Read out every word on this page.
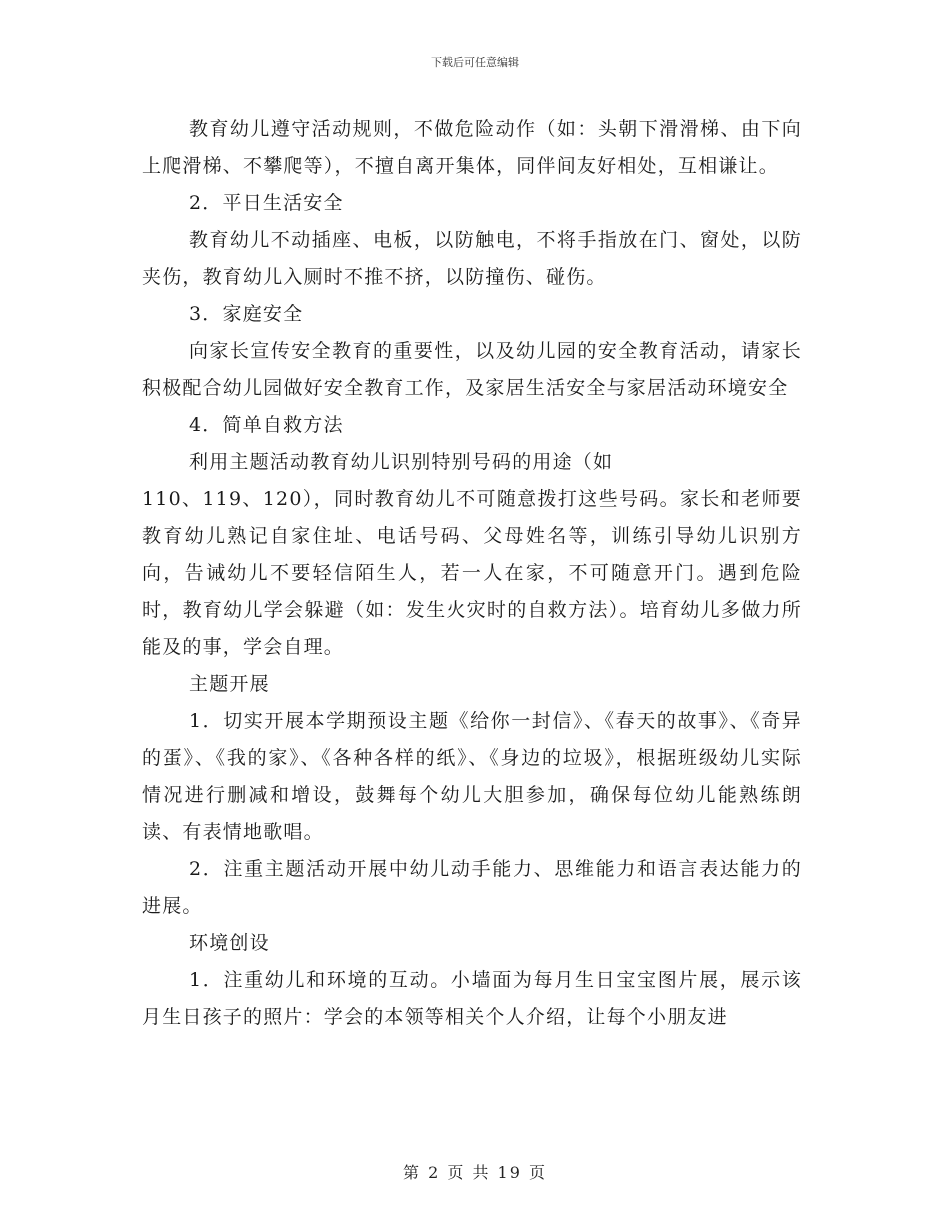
下载后可任意编辑

教育幼儿遵守活动规则，不做危险动作（如：头朝下滑滑梯、由下向上爬滑梯、不攀爬等），不擅自离开集体，同伴间友好相处，互相谦让。

2．平日生活安全

教育幼儿不动插座、电板，以防触电，不将手指放在门、窗处，以防夹伤，教育幼儿入厕时不推不挤，以防撞伤、碰伤。

3．家庭安全

向家长宣传安全教育的重要性，以及幼儿园的安全教育活动，请家长积极配合幼儿园做好安全教育工作，及家居生活安全与家居活动环境安全

4．简单自救方法

利用主题活动教育幼儿识别特别号码的用途（如

110、119、120），同时教育幼儿不可随意拨打这些号码。家长和老师要教育幼儿熟记自家住址、电话号码、父母姓名等，训练引导幼儿识别方向，告诫幼儿不要轻信陌生人，若一人在家，不可随意开门。遇到危险时，教育幼儿学会躲避（如：发生火灾时的自救方法）。培育幼儿多做力所能及的事，学会自理。

主题开展

1．切实开展本学期预设主题《给你一封信》、《春天的故事》、《奇异的蛋》、《我的家》、《各种各样的纸》、《身边的垃圾》，根据班级幼儿实际情况进行删减和增设，鼓舞每个幼儿大胆参加，确保每位幼儿能熟练朗读、有表情地歌唱。

2．注重主题活动开展中幼儿动手能力、思维能力和语言表达能力的进展。

环境创设

1．注重幼儿和环境的互动。小墙面为每月生日宝宝图片展，展示该月生日孩子的照片：学会的本领等相关个人介绍，让每个小朋友进

第 2 页 共 19 页
